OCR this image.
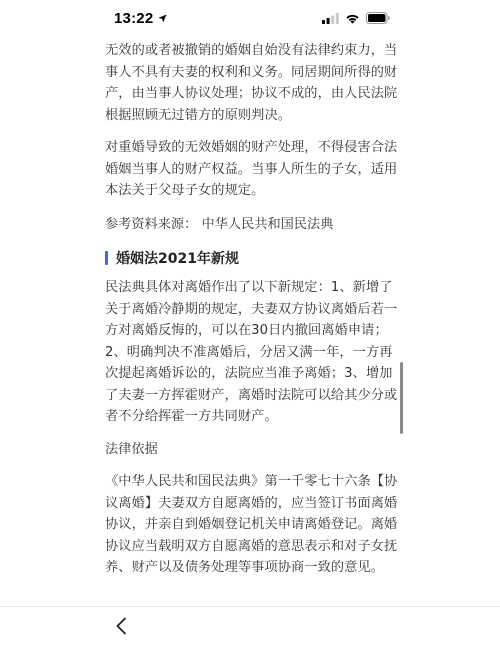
13:22

无效的或者被撤销的婚姻自始没有法律约束力，当事人不具有夫妻的权利和义务。同居期间所得的财产，由当事人协议处理；协议不成的，由人民法院根据照顾无过错方的原则判决。

对重婚导致的无效婚姻的财产处理，不得侵害合法婚姻当事人的财产权益。当事人所生的子女，适用本法关于父母子女的规定。

参考资料来源： 中华人民共和国民法典

婚姻法2021年新规

民法典具体对离婚作出了以下新规定：1、新增了关于离婚冷静期的规定，夫妻双方协议离婚后若一方对离婚反悔的，可以在30日内撤回离婚申请；2、明确判决不准离婚后，分居又满一年，一方再次提起离婚诉讼的，法院应当准予离婚；3、增加了夫妻一方挥霍财产，离婚时法院可以给其少分或者不分给挥霍一方共同财产。

法律依据

《中华人民共和国民法典》第一千零七十六条【协议离婚】夫妻双方自愿离婚的，应当签订书面离婚协议，并亲自到婚姻登记机关申请离婚登记。离婚协议应当载明双方自愿离婚的意思表示和对子女抚养、财产以及债务处理等事项协商一致的意见。
